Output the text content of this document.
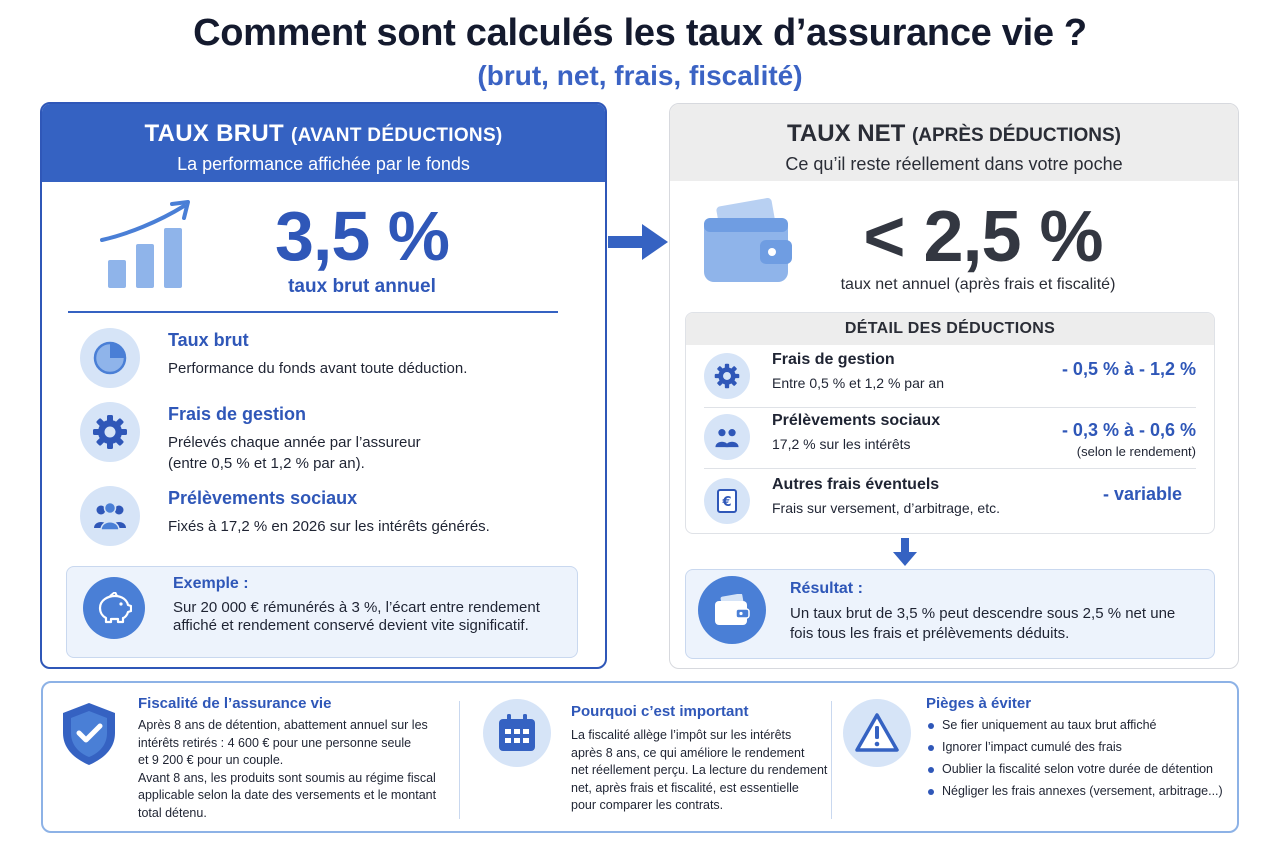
Comment sont calculés les taux d’assurance vie ?
(brut, net, frais, fiscalité)
TAUX BRUT (AVANT DÉDUCTIONS)
La performance affichée par le fonds
3,5 %
taux brut annuel
Taux brut
Performance du fonds avant toute déduction.
Frais de gestion
Prélevés chaque année par l’assureur
(entre 0,5 % et 1,2 % par an).
Prélèvements sociaux
Fixés à 17,2 % en 2026 sur les intérêts générés.
Exemple :
Sur 20 000 € rémunérés à 3 %, l’écart entre rendement affiché et rendement conservé devient vite significatif.
TAUX NET (APRÈS DÉDUCTIONS)
Ce qu’il reste réellement dans votre poche
< 2,5 %
taux net annuel (après frais et fiscalité)
DÉTAIL DES DÉDUCTIONS
Frais de gestion
Entre 0,5 % et 1,2 % par an
- 0,5 % à - 1,2 %
Prélèvements sociaux
17,2 % sur les intérêts
- 0,3 % à - 0,6 %
(selon le rendement)
€
Autres frais éventuels
Frais sur versement, d’arbitrage, etc.
- variable
Résultat :
Un taux brut de 3,5 % peut descendre sous 2,5 % net une fois tous les frais et prélèvements déduits.
Fiscalité de l’assurance vie
Après 8 ans de détention, abattement annuel sur les
intérêts retirés : 4 600 € pour une personne seule
et 9 200 € pour un couple.
Avant 8 ans, les produits sont soumis au régime fiscal
applicable selon la date des versements et le montant
total détenu.
Pourquoi c’est important
La fiscalité allège l’impôt sur les intérêts
après 8 ans, ce qui améliore le rendement
net réellement perçu. La lecture du rendement
net, après frais et fiscalité, est essentielle
pour comparer les contrats.
Pièges à éviter
Se fier uniquement au taux brut affiché
Ignorer l’impact cumulé des frais
Oublier la fiscalité selon votre durée de détention
Négliger les frais annexes (versement, arbitrage...)
